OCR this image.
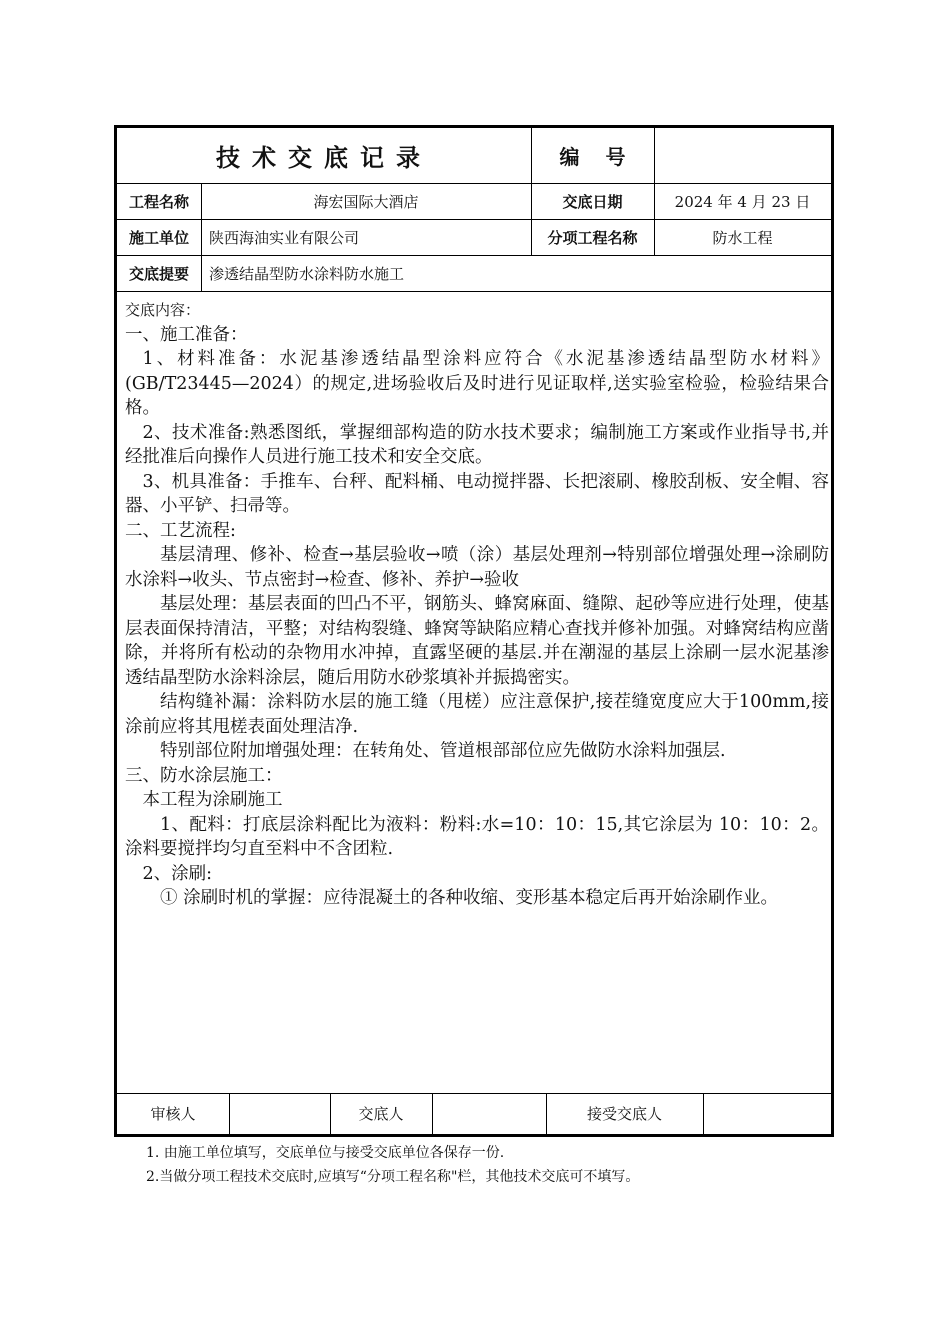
技术交底记录	编号
工程名称	海宏国际大酒店	交底日期	2024 年 4 月 23 日
施工单位	陕西海油实业有限公司	分项工程名称	防水工程
交底提要	渗透结晶型防水涂料防水施工

交底内容：

一、施工准备：

1、材料准备：水泥基渗透结晶型涂料应符合《水泥基渗透结晶型防水材料》(GB/T23445—2024）的规定,进场验收后及时进行见证取样,送实验室检验，检验结果合格。

2、技术准备:熟悉图纸，掌握细部构造的防水技术要求；编制施工方案或作业指导书,并经批准后向操作人员进行施工技术和安全交底。

3、机具准备：手推车、台秤、配料桶、电动搅拌器、长把滚刷、橡胶刮板、安全帽、容器、小平铲、扫帚等。

二、工艺流程:

基层清理、修补、检查→基层验收→喷（涂）基层处理剂→特别部位增强处理→涂刷防水涂料→收头、节点密封→检查、修补、养护→验收

基层处理：基层表面的凹凸不平，钢筋头、蜂窝麻面、缝隙、起砂等应进行处理，使基层表面保持清洁，平整；对结构裂缝、蜂窝等缺陷应精心查找并修补加强。对蜂窝结构应凿除，并将所有松动的杂物用水冲掉，直露坚硬的基层.并在潮湿的基层上涂刷一层水泥基渗透结晶型防水涂料涂层，随后用防水砂浆填补并振捣密实。

结构缝补漏：涂料防水层的施工缝（甩槎）应注意保护,接茬缝宽度应大于100mm,接涂前应将其甩槎表面处理洁净.

特别部位附加增强处理：在转角处、管道根部部位应先做防水涂料加强层.

三、防水涂层施工：

本工程为涂刷施工

1、配料：打底层涂料配比为液料：粉料:水=10：10：15,其它涂层为 10：10：2。涂料要搅拌均匀直至料中不含团粒.

2、涂刷:

① 涂刷时机的掌握：应待混凝土的各种收缩、变形基本稳定后再开始涂刷作业。

审核人	交底人	接受交底人
1. 由施工单位填写，交底单位与接受交底单位各保存一份.
2.当做分项工程技术交底时,应填写“分项工程名称"栏，其他技术交底可不填写。
